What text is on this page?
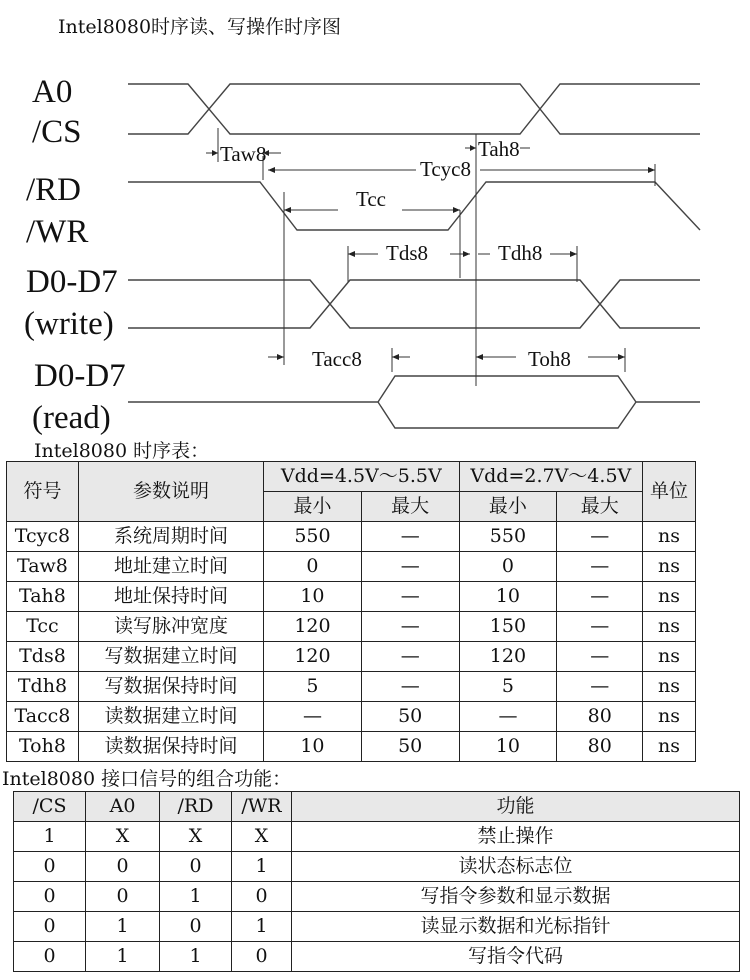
Intel8080时序读、写操作时序图
A0
/CS
/RD
/WR
D0-D7
(write)
D0-D7
(read)
Taw8	Tah8
Tcyc8
Tcc
Tds8	Tdh8
Tacc8	Toh8
Intel8080 时序表：
符号	参数说明	Vdd=4.5V～5.5V		Vdd=2.7V～4.5V		单位
		最小	最大	最小	最大	
Tcyc8	系统周期时间	550	—	550	—	ns
Taw8	地址建立时间	0	—	0	—	ns
Tah8	地址保持时间	10	—	10	—	ns
Tcc	读写脉冲宽度	120	—	150	—	ns
Tds8	写数据建立时间	120	—	120	—	ns
Tdh8	写数据保持时间	5	—	5	—	ns
Tacc8	读数据建立时间	—	50	—	80	ns
Toh8	读数据保持时间	10	50	10	80	ns
Intel8080 接口信号的组合功能：
/CS	A0	/RD	/WR	功能
1	X	X	X	禁止操作
0	0	0	1	读状态标志位
0	0	1	0	写指令参数和显示数据
0	1	0	1	读显示数据和光标指针
0	1	1	0	写指令代码
